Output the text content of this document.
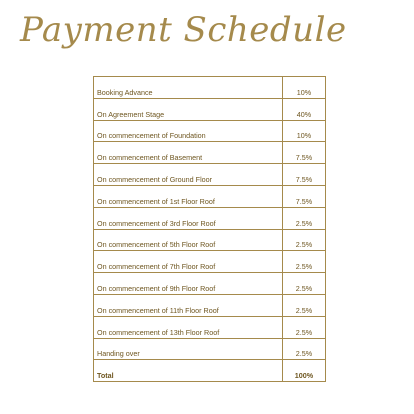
Payment Schedule
Booking Advance	10%
On Agreement Stage	40%
On commencement of Foundation	10%
On commencement of Basement	7.5%
On commencement of Ground Floor	7.5%
On commencement of 1st Floor Roof	7.5%
On commencement of 3rd Floor Roof	2.5%
On commencement of 5th Floor Roof	2.5%
On commencement of 7th Floor Roof	2.5%
On commencement of 9th Floor Roof	2.5%
On commencement of 11th Floor Roof	2.5%
On commencement of 13th Floor Roof	2.5%
Handing over	2.5%
Total	100%
